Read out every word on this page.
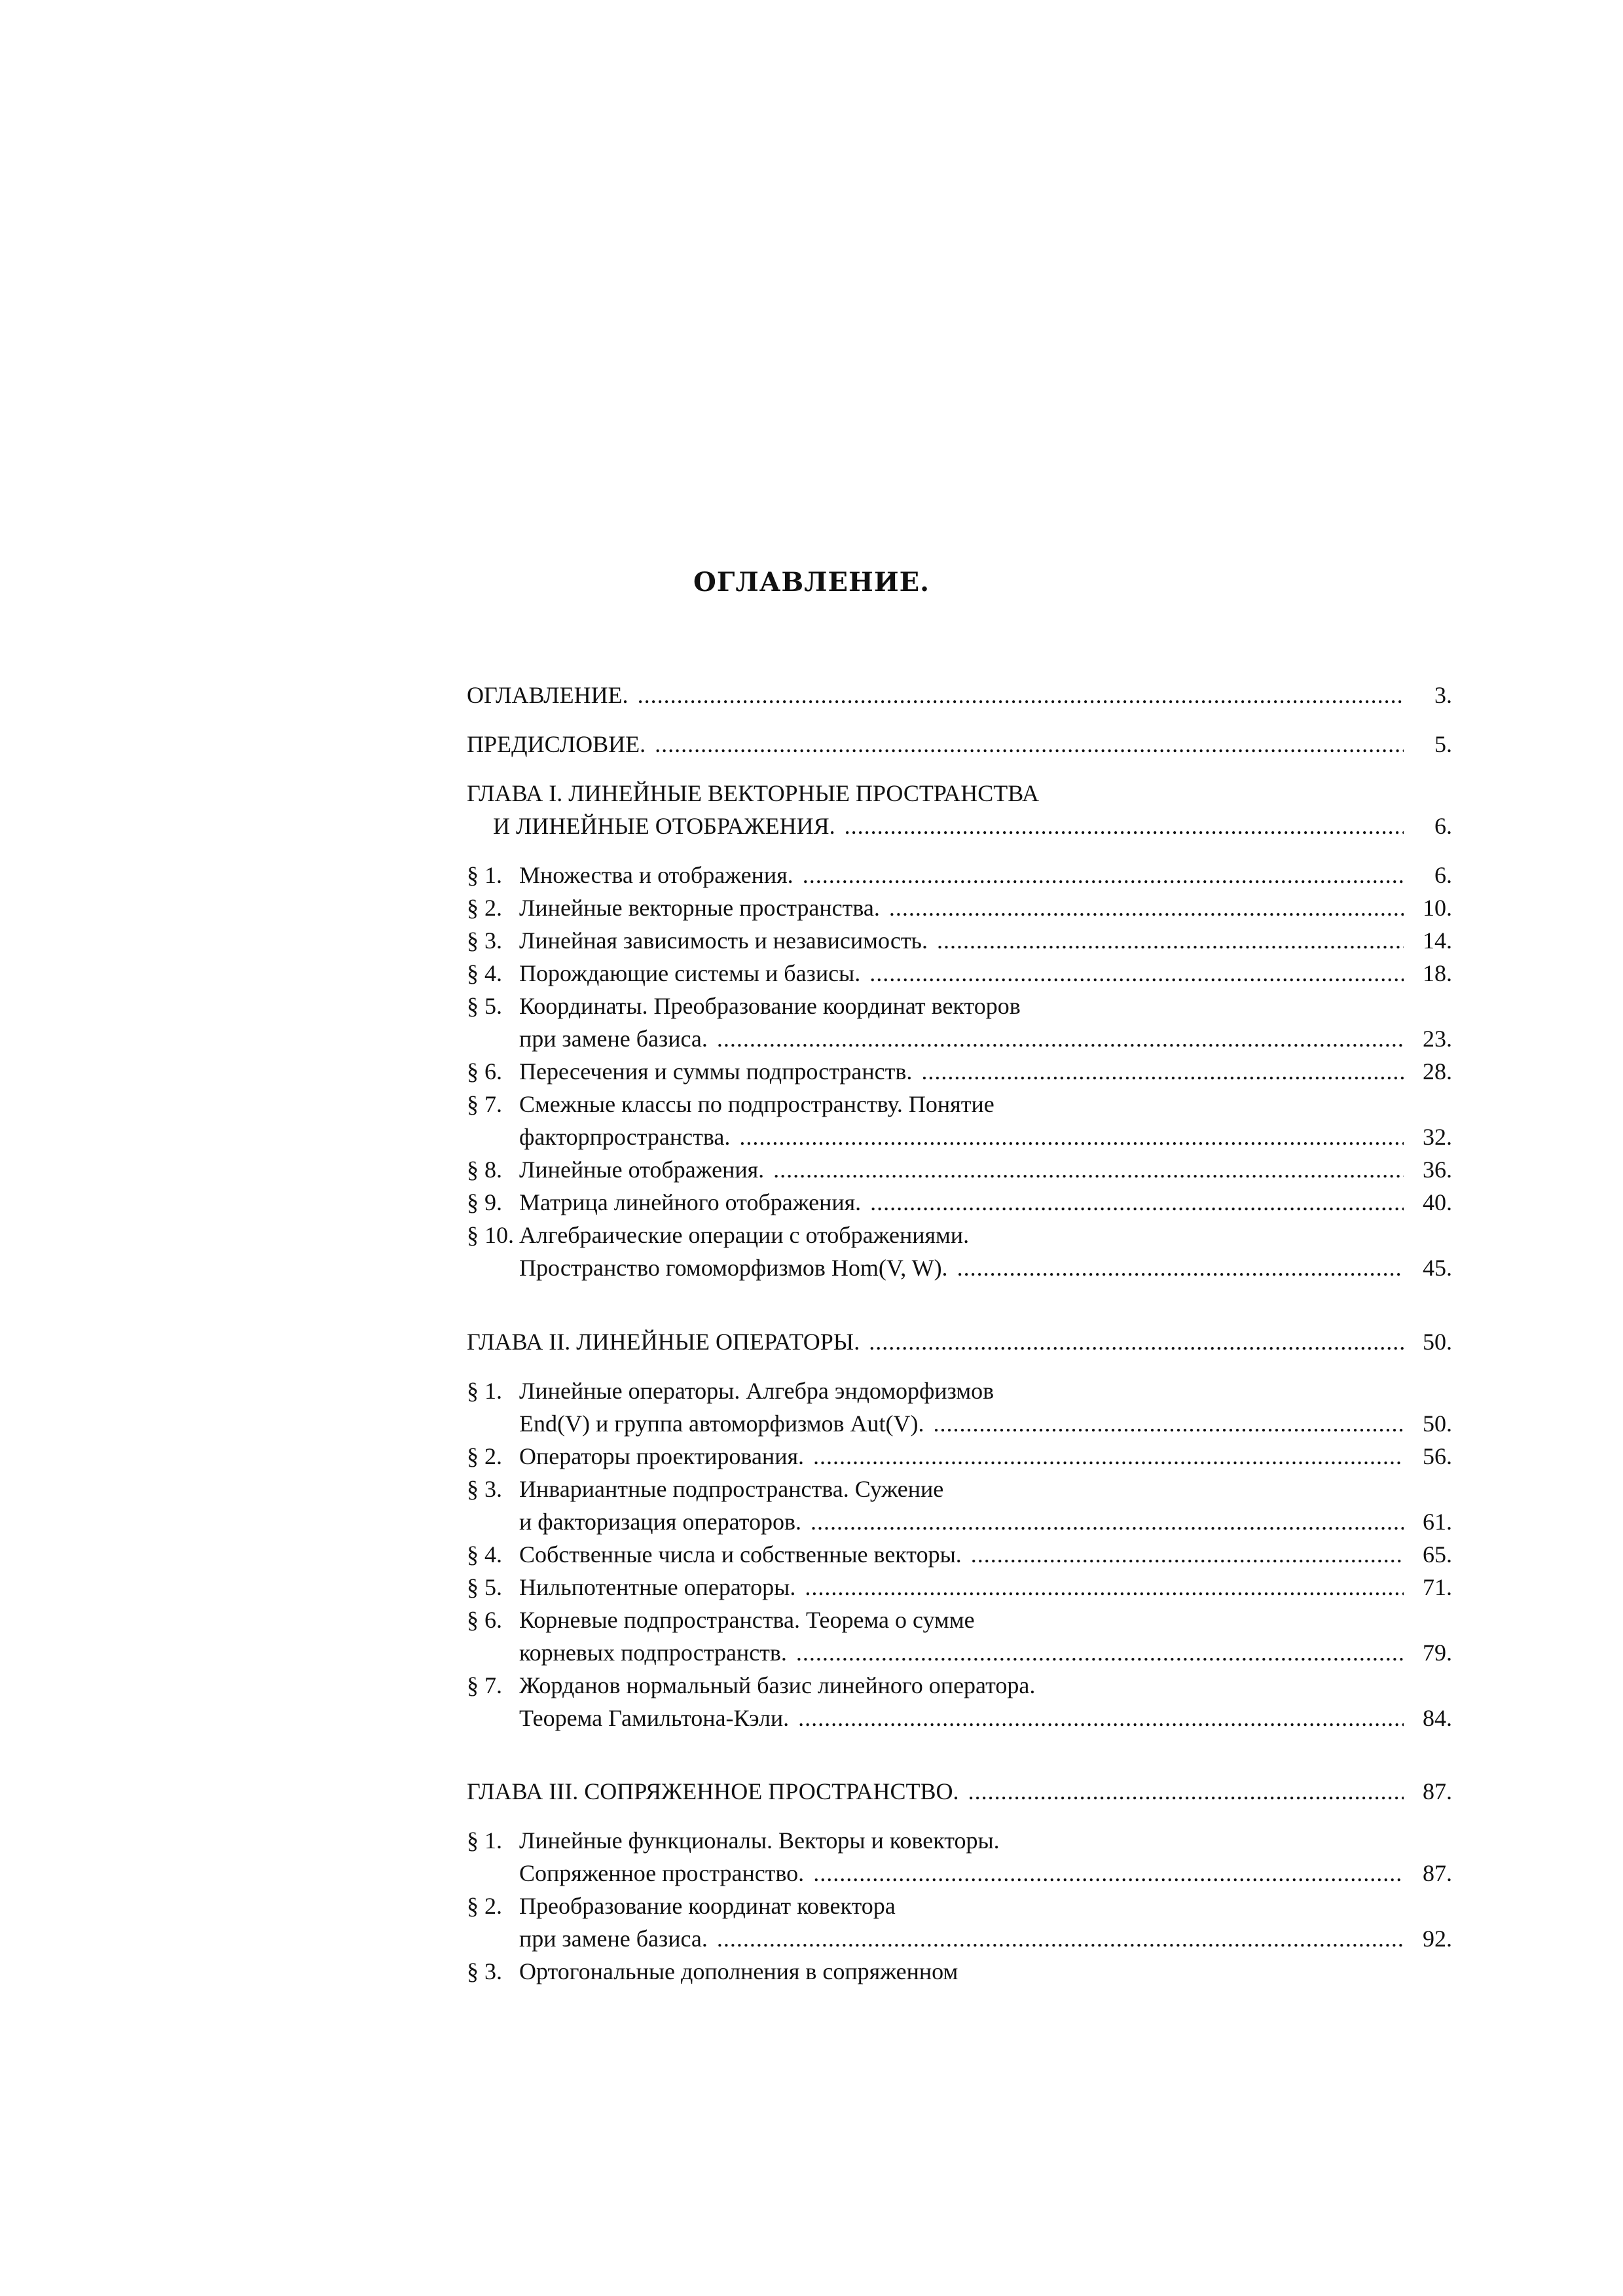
ОГЛАВЛЕНИЕ.
ОГЛАВЛЕНИЕ. . . .	3.
ПРЕДИСЛОВИЕ. . . .	5.
ГЛАВА I. ЛИНЕЙНЫЕ ВЕКТОРНЫЕ ПРОСТРАНСТВА
И ЛИНЕЙНЫЕ ОТОБРАЖЕНИЯ. . . .	6.
§ 1. Множества и отображения. . . .	6.
§ 2. Линейные векторные пространства. . . .	10.
§ 3. Линейная зависимость и независимость. . . .	14.
§ 4. Порождающие системы и базисы. . . .	18.
§ 5. Координаты. Преобразование координат векторов
при замене базиса. . . .	23.
§ 6. Пересечения и суммы подпространств. . . .	28.
§ 7. Смежные классы по подпространству. Понятие
факторпространства. . . .	32.
§ 8. Линейные отображения. . . .	36.
§ 9. Матрица линейного отображения. . . .	40.
§ 10. Алгебраические операции с отображениями.
Пространство гомоморфизмов Hom(V, W). . . .	45.
ГЛАВА II. ЛИНЕЙНЫЕ ОПЕРАТОРЫ. . . .	50.
§ 1. Линейные операторы. Алгебра эндоморфизмов
End(V) и группа автоморфизмов Aut(V). . . .	50.
§ 2. Операторы проектирования. . . .	56.
§ 3. Инвариантные подпространства. Сужение
и факторизация операторов. . . .	61.
§ 4. Собственные числа и собственные векторы. . . .	65.
§ 5. Нильпотентные операторы. . . .	71.
§ 6. Корневые подпространства. Теорема о сумме
корневых подпространств. . . .	79.
§ 7. Жорданов нормальный базис линейного оператора.
Теорема Гамильтона-Кэли. . . .	84.
ГЛАВА III. СОПРЯЖЕННОЕ ПРОСТРАНСТВО. . . .	87.
§ 1. Линейные функционалы. Векторы и ковекторы.
Сопряженное пространство. . . .	87.
§ 2. Преобразование координат ковектора
при замене базиса. . . .	92.
§ 3. Ортогональные дополнения в сопряженном
